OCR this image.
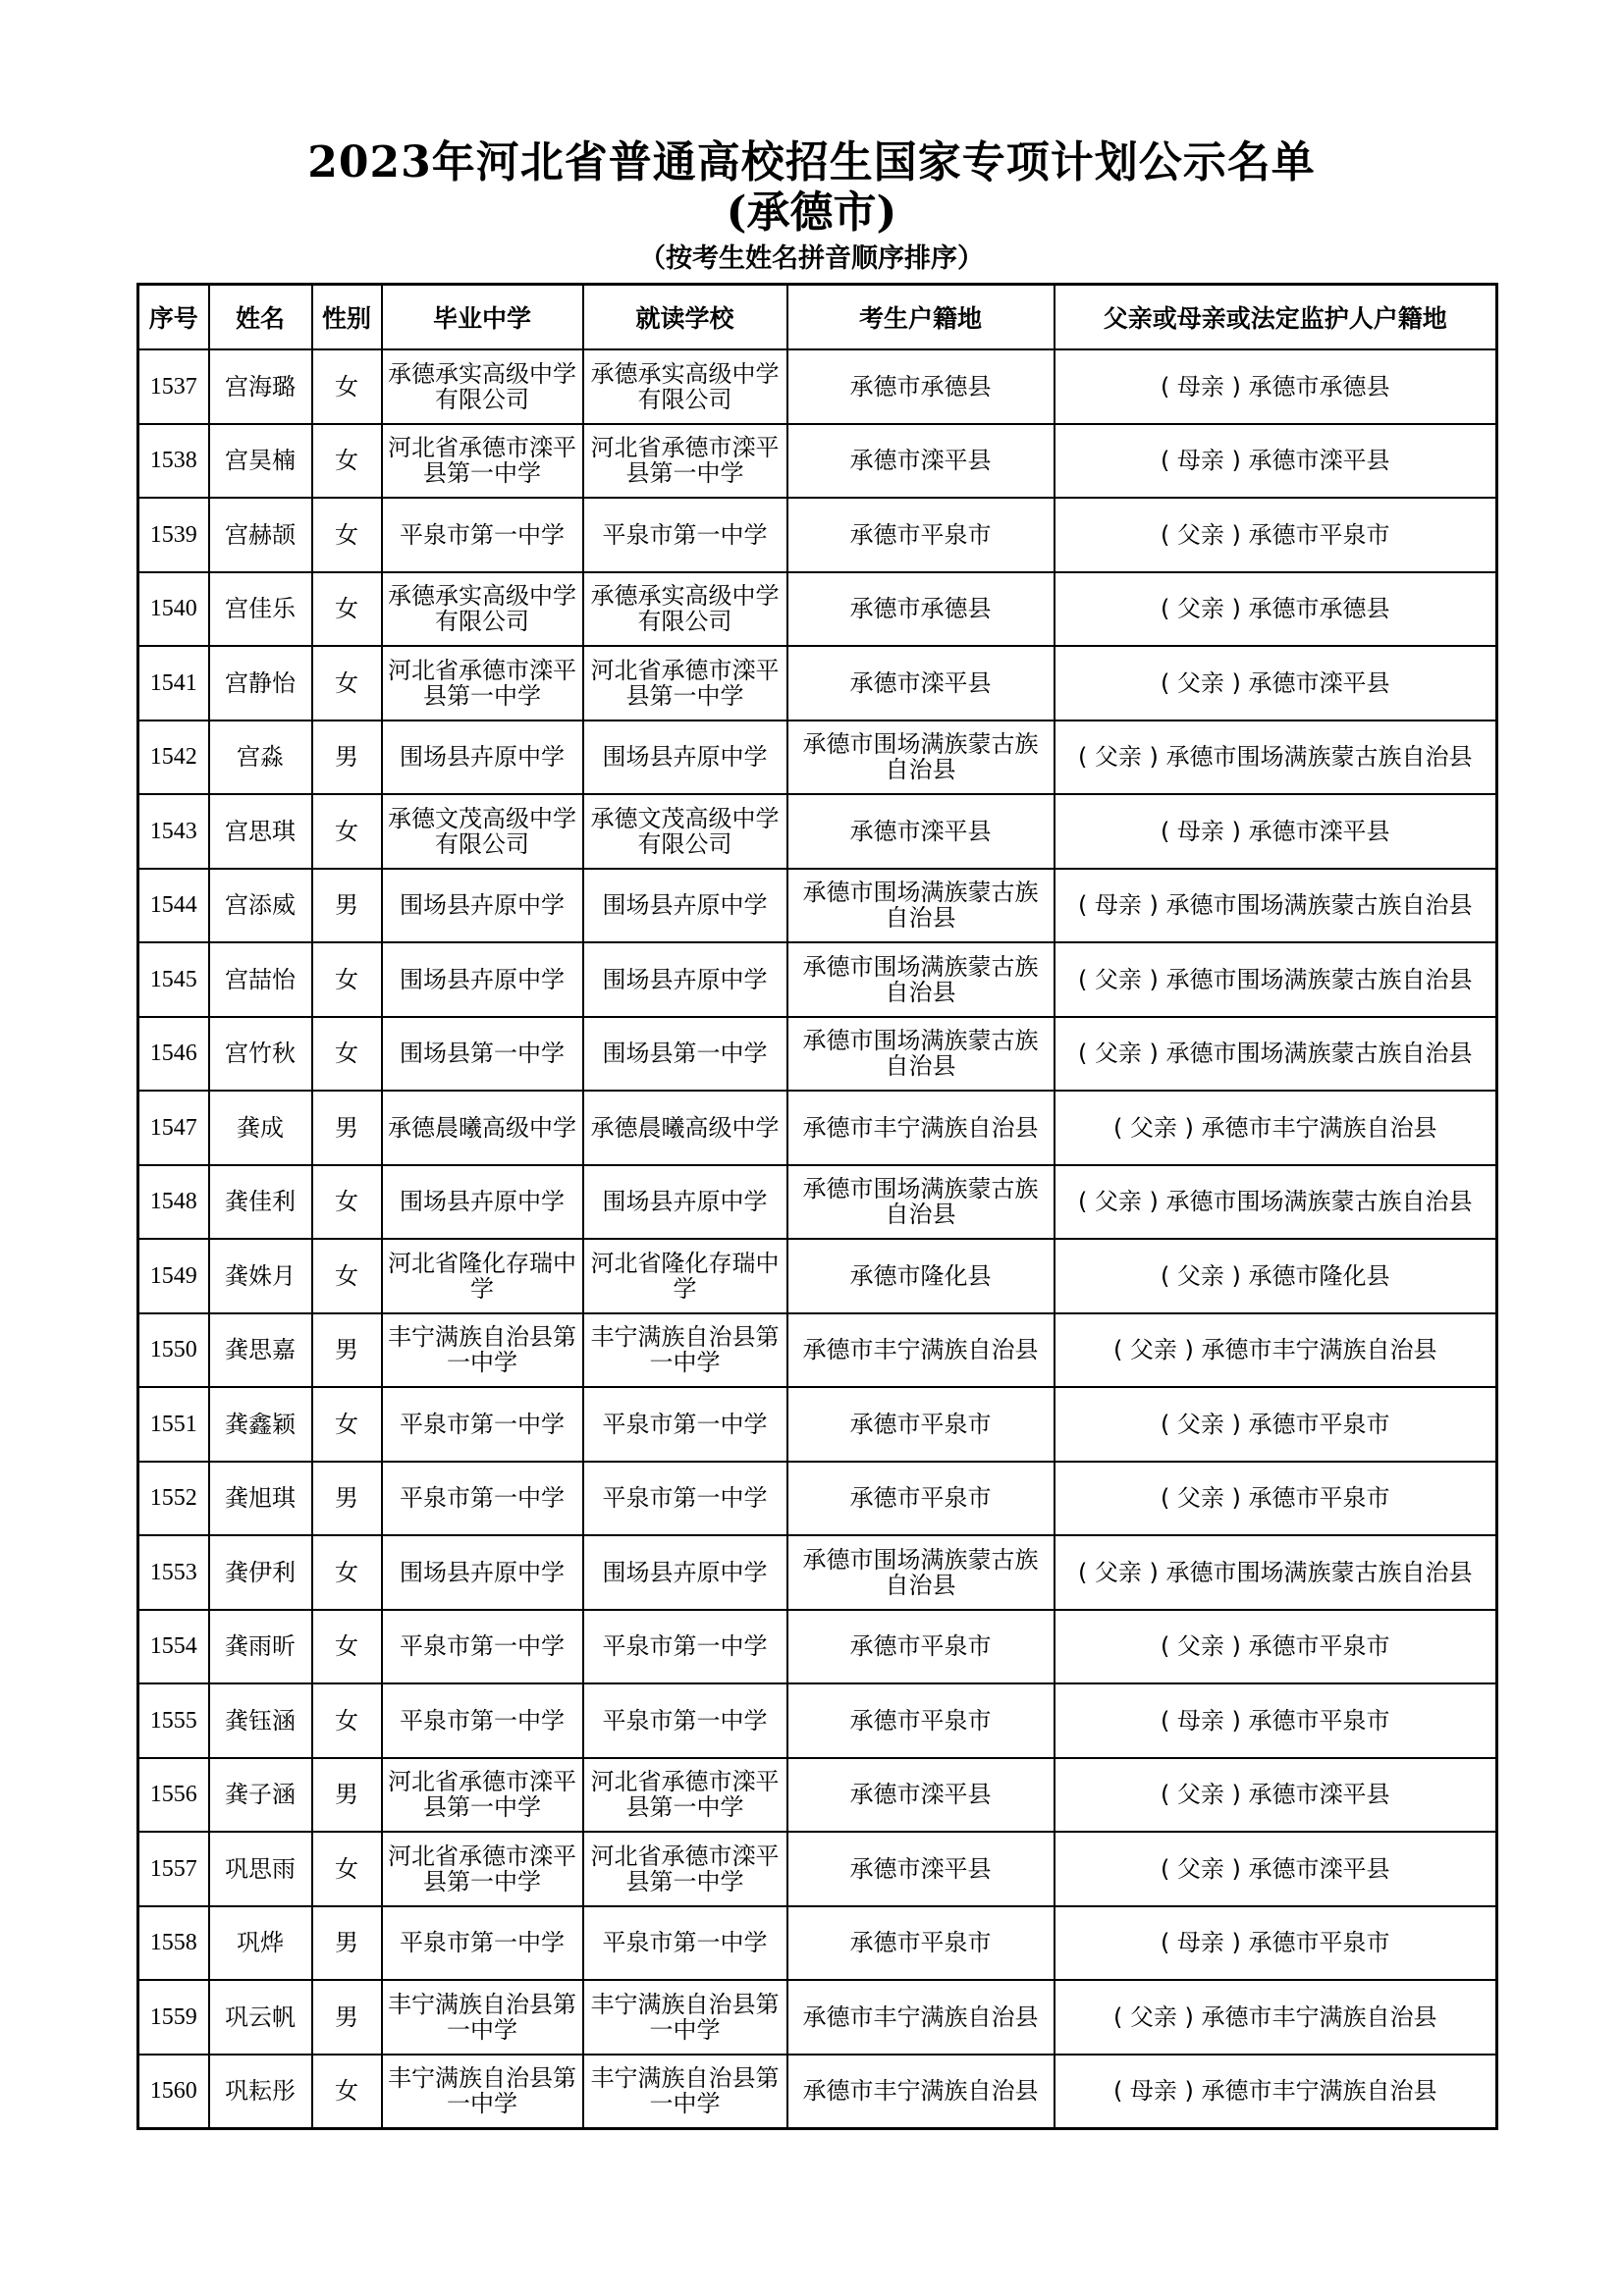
2023年河北省普通高校招生国家专项计划公示名单
(承德市)
（按考生姓名拼音顺序排序）
序号	姓名	性别	毕业中学	就读学校	考生户籍地	父亲或母亲或法定监护人户籍地
1537	宫海璐	女	承德承实高级中学有限公司	承德承实高级中学有限公司	承德市承德县	( 母亲 ) 承德市承德县
1538	宫昊楠	女	河北省承德市滦平县第一中学	河北省承德市滦平县第一中学	承德市滦平县	( 母亲 ) 承德市滦平县
1539	宫赫颉	女	平泉市第一中学	平泉市第一中学	承德市平泉市	( 父亲 ) 承德市平泉市
1540	宫佳乐	女	承德承实高级中学有限公司	承德承实高级中学有限公司	承德市承德县	( 父亲 ) 承德市承德县
1541	宫静怡	女	河北省承德市滦平县第一中学	河北省承德市滦平县第一中学	承德市滦平县	( 父亲 ) 承德市滦平县
1542	宫淼	男	围场县卉原中学	围场县卉原中学	承德市围场满族蒙古族自治县	( 父亲 ) 承德市围场满族蒙古族自治县
1543	宫思琪	女	承德文茂高级中学有限公司	承德文茂高级中学有限公司	承德市滦平县	( 母亲 ) 承德市滦平县
1544	宫添威	男	围场县卉原中学	围场县卉原中学	承德市围场满族蒙古族自治县	( 母亲 ) 承德市围场满族蒙古族自治县
1545	宫喆怡	女	围场县卉原中学	围场县卉原中学	承德市围场满族蒙古族自治县	( 父亲 ) 承德市围场满族蒙古族自治县
1546	宫竹秋	女	围场县第一中学	围场县第一中学	承德市围场满族蒙古族自治县	( 父亲 ) 承德市围场满族蒙古族自治县
1547	龚成	男	承德晨曦高级中学	承德晨曦高级中学	承德市丰宁满族自治县	( 父亲 ) 承德市丰宁满族自治县
1548	龚佳利	女	围场县卉原中学	围场县卉原中学	承德市围场满族蒙古族自治县	( 父亲 ) 承德市围场满族蒙古族自治县
1549	龚姝月	女	河北省隆化存瑞中学	河北省隆化存瑞中学	承德市隆化县	( 父亲 ) 承德市隆化县
1550	龚思嘉	男	丰宁满族自治县第一中学	丰宁满族自治县第一中学	承德市丰宁满族自治县	( 父亲 ) 承德市丰宁满族自治县
1551	龚鑫颖	女	平泉市第一中学	平泉市第一中学	承德市平泉市	( 父亲 ) 承德市平泉市
1552	龚旭琪	男	平泉市第一中学	平泉市第一中学	承德市平泉市	( 父亲 ) 承德市平泉市
1553	龚伊利	女	围场县卉原中学	围场县卉原中学	承德市围场满族蒙古族自治县	( 父亲 ) 承德市围场满族蒙古族自治县
1554	龚雨昕	女	平泉市第一中学	平泉市第一中学	承德市平泉市	( 父亲 ) 承德市平泉市
1555	龚钰涵	女	平泉市第一中学	平泉市第一中学	承德市平泉市	( 母亲 ) 承德市平泉市
1556	龚子涵	男	河北省承德市滦平县第一中学	河北省承德市滦平县第一中学	承德市滦平县	( 父亲 ) 承德市滦平县
1557	巩思雨	女	河北省承德市滦平县第一中学	河北省承德市滦平县第一中学	承德市滦平县	( 父亲 ) 承德市滦平县
1558	巩烨	男	平泉市第一中学	平泉市第一中学	承德市平泉市	( 母亲 ) 承德市平泉市
1559	巩云帆	男	丰宁满族自治县第一中学	丰宁满族自治县第一中学	承德市丰宁满族自治县	( 父亲 ) 承德市丰宁满族自治县
1560	巩耘彤	女	丰宁满族自治县第一中学	丰宁满族自治县第一中学	承德市丰宁满族自治县	( 母亲 ) 承德市丰宁满族自治县
